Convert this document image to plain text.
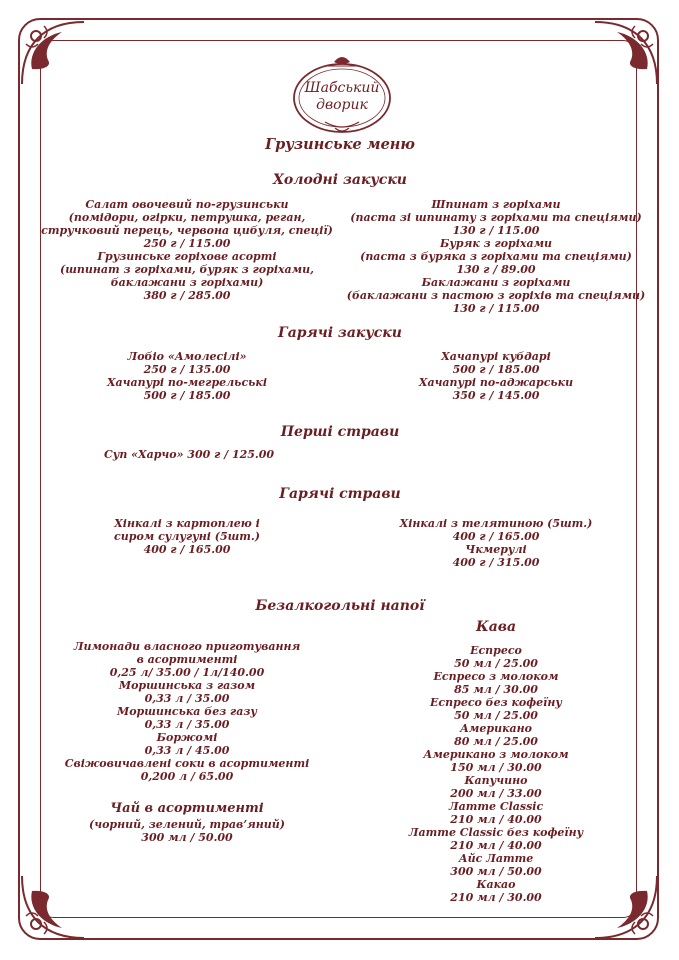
Шабський
дворик
Грузинське меню
Холодні закуски
Салат овочевий по-грузинськи
(помідори, огірки, петрушка, реган,
стручковий перець, червона цибуля, спеції)
250 г / 115.00
Грузинське горіхове асорті
(шпинат з горіхами, буряк з горіхами,
баклажани з горіхами)
380 г / 285.00
Шпинат з горіхами
(паста зі шпинату з горіхами та спеціями)
130 г / 115.00
Буряк з горіхами
(паста з буряка з горіхами та спеціями)
130 г / 89.00
Баклажани з горіхами
(баклажани з пастою з горіхів та спеціями)
130 г / 115.00
Гарячі закуски
Лобіо «Амолесілі»
250 г / 135.00
Хачапурі по-мегрельські
500 г / 185.00
Хачапурі кубдарі
500 г / 185.00
Хачапурі по-аджарськи
350 г / 145.00
Перші страви
Суп «Харчо» 300 г / 125.00
Гарячі страви
Хінкалі з картоплею і
сиром сулугуні (5шт.)
400 г / 165.00
Хінкалі з телятиною (5шт.)
400 г / 165.00
Чкмерулі
400 г / 315.00
Безалкогольні напої
Лимонади власного приготування
в асортименті
0,25 л/ 35.00 / 1л/140.00
Моршинська з газом
0,33 л / 35.00
Моршинська без газу
0,33 л / 35.00
Боржомі
0,33 л / 45.00
Свіжовичавлені соки в асортименті
0,200 л / 65.00
Чай в асортименті
(чорний, зелений, трав’яний)
300 мл / 50.00
Кава
Еспресо
50 мл / 25.00
Еспресо з молоком
85 мл / 30.00
Еспресо без кофеїну
50 мл / 25.00
Американо
80 мл / 25.00
Американо з молоком
150 мл / 30.00
Капучино
200 мл / 33.00
Латте Classic
210 мл / 40.00
Латте Classic без кофеїну
210 мл / 40.00
Айс Латте
300 мл / 50.00
Какао
210 мл / 30.00
